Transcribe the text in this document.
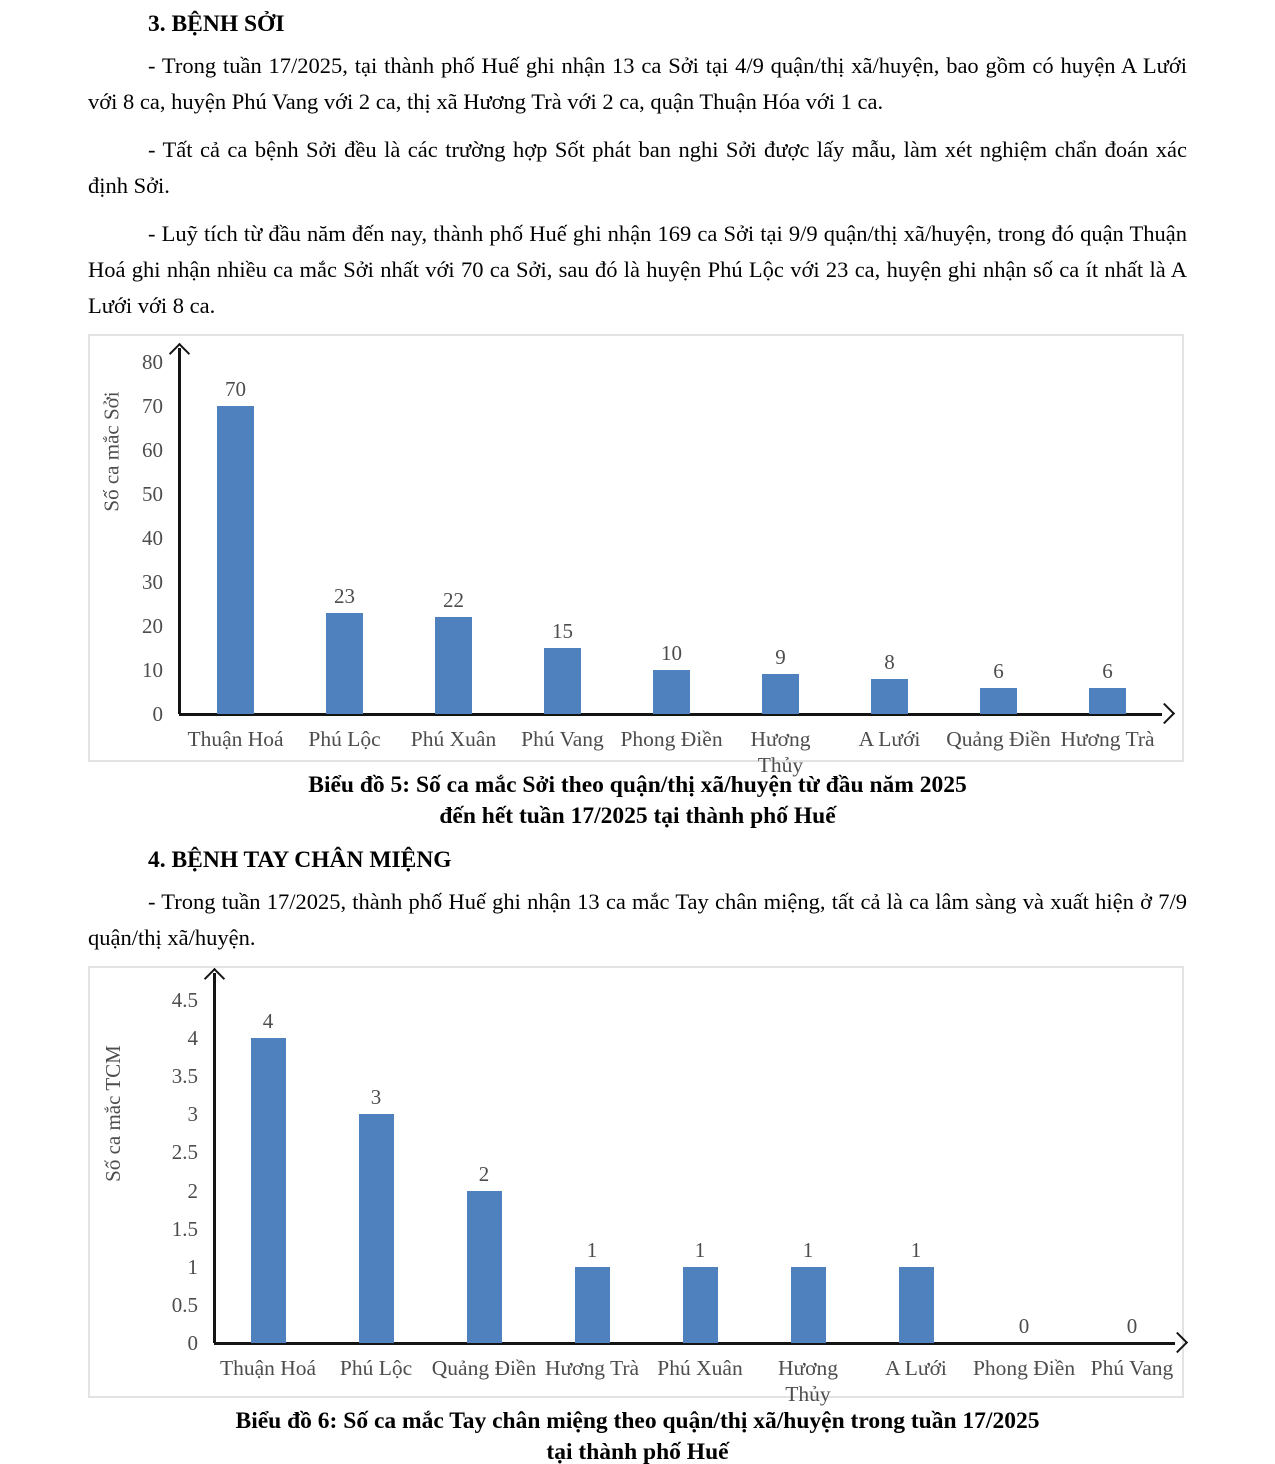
3. BỆNH SỞI

- Trong tuần 17/2025, tại thành phố Huế ghi nhận 13 ca Sởi tại 4/9 quận/thị xã/huyện, bao gồm có huyện A Lưới với 8 ca, huyện Phú Vang với 2 ca, thị xã Hương Trà với 2 ca, quận Thuận Hóa với 1 ca.

- Tất cả ca bệnh Sởi đều là các trường hợp Sốt phát ban nghi Sởi được lấy mẫu, làm xét nghiệm chẩn đoán xác định Sởi.

- Luỹ tích từ đầu năm đến nay, thành phố Huế ghi nhận 169 ca Sởi tại 9/9 quận/thị xã/huyện, trong đó quận Thuận Hoá ghi nhận nhiều ca mắc Sởi nhất với 70 ca Sởi, sau đó là huyện Phú Lộc với 23 ca, huyện ghi nhận số ca ít nhất là A Lưới với 8 ca.

Số ca mắc Sởi
0
10
20
30
40
50
60
70
80
70
23	22
15
10	9	8	6	6
Thuận Hoá	Phú Lộc	Phú Xuân	Phú Vang Phong Điền	Hương Thủy
A Lưới	Quảng Điền Hương Trà
Biểu đồ 5: Số ca mắc Sởi theo quận/thị xã/huyện từ đầu năm 2025
đến hết tuần 17/2025 tại thành phố Huế
4. BỆNH TAY CHÂN MIỆNG

- Trong tuần 17/2025, thành phố Huế ghi nhận 13 ca mắc Tay chân miệng, tất cả là ca lâm sàng và xuất hiện ở 7/9 quận/thị xã/huyện.

Số ca mắc TCM
0
0.5
1
1.5
2
2.5
3
3.5
4
4.5
4
3
2
1	1	1	1
0	0
Thuận Hoá	Phú Lộc Quảng Điền Hương Trà Phú Xuân	Hương Thủy
A Lưới	Phong Điền Phú Vang
Biểu đồ 6: Số ca mắc Tay chân miệng theo quận/thị xã/huyện trong tuần 17/2025
tại thành phố Huế
